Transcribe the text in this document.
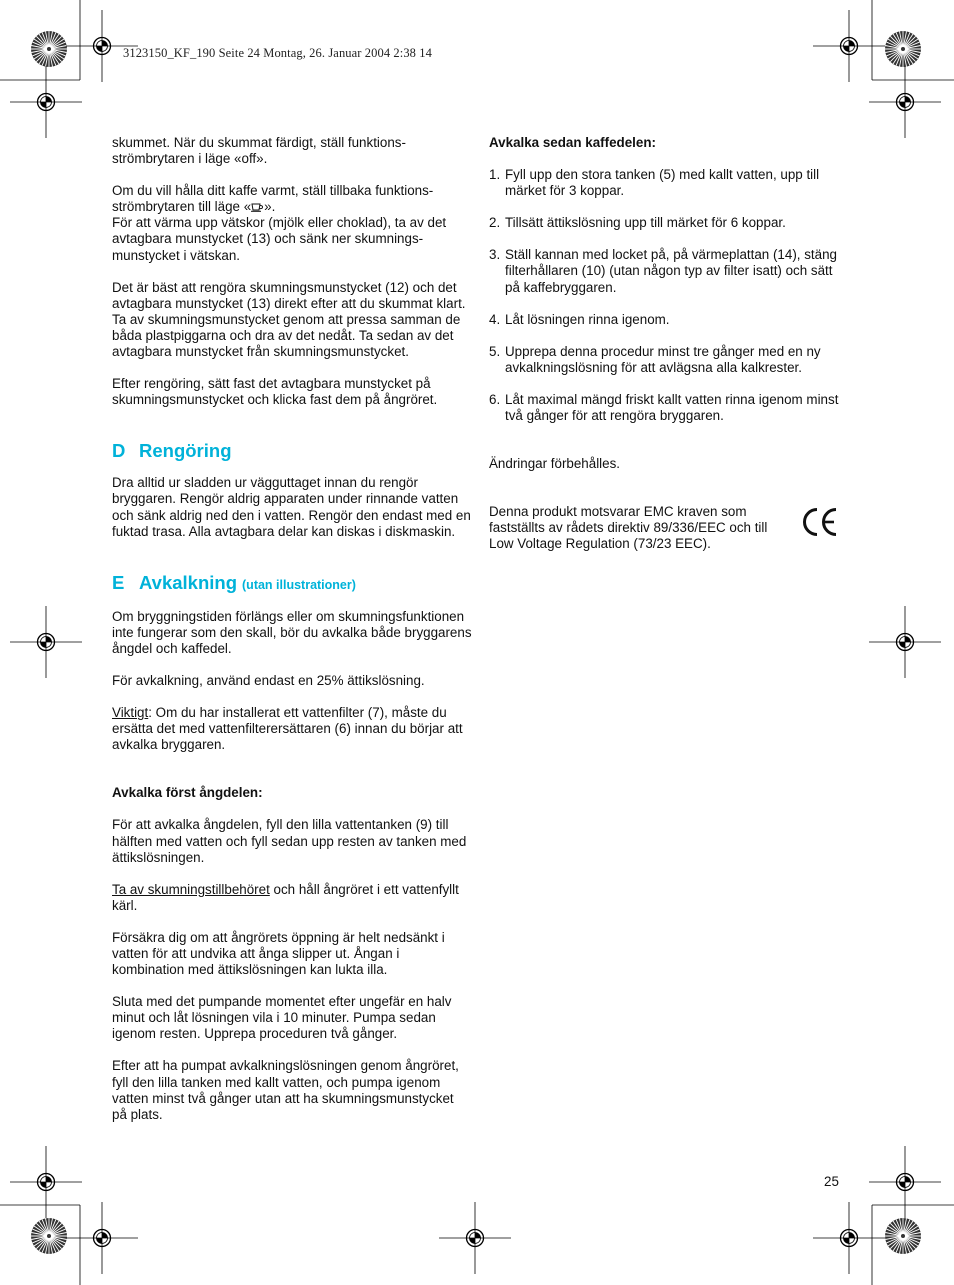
3123150_KF_190 Seite 24 Montag, 26. Januar 2004 2:38 14

skummet. När du skummat färdigt, ställ funktions-strömbrytaren i läge «off».

Om du vill hålla ditt kaffe varmt, ställ tillbaka funktions-strömbrytaren till läge « ».

För att värma upp vätskor (mjölk eller choklad), ta av det avtagbara munstycket (13) och sänk ner skumnings-munstycket i vätskan.

Det är bäst att rengöra skumningsmunstycket (12) och det avtagbara munstycket (13) direkt efter att du skummat klart. Ta av skumningsmunstycket genom att pressa samman de båda plastpiggarna och dra av det nedåt. Ta sedan av det avtagbara munstycket från skumningsmunstycket.

Efter rengöring, sätt fast det avtagbara munstycket på skumningsmunstycket och klicka fast dem på ångröret.

D Rengöring

Dra alltid ur sladden ur vägguttaget innan du rengör bryggaren. Rengör aldrig apparaten under rinnande vatten och sänk aldrig ned den i vatten. Rengör den endast med en fuktad trasa. Alla avtagbara delar kan diskas i diskmaskin.

E Avkalkning (utan illustrationer)

Om bryggningstiden förlängs eller om skumningsfunktionen inte fungerar som den skall, bör du avkalka både bryggarens ångdel och kaffedel.

För avkalkning, använd endast en 25% ättikslösning.

Viktigt: Om du har installerat ett vattenfilter (7), måste du ersätta det med vattenfilterersättaren (6) innan du börjar att avkalka bryggaren.

Avkalka först ångdelen:

För att avkalka ångdelen, fyll den lilla vattentanken (9) till hälften med vatten och fyll sedan upp resten av tanken med ättikslösningen.

Ta av skumningstillbehöret och håll ångröret i ett vattenfyllt kärl.

Försäkra dig om att ångrörets öppning är helt nedsänkt i vatten för att undvika att ånga slipper ut. Ångan i kombination med ättikslösningen kan lukta illa.

Sluta med det pumpande momentet efter ungefär en halv minut och låt lösningen vila i 10 minuter. Pumpa sedan igenom resten. Upprepa proceduren två gånger.

Efter att ha pumpat avkalkningslösningen genom ångröret, fyll den lilla tanken med kallt vatten, och pumpa igenom vatten minst två gånger utan att ha skumningsmunstycket på plats.

Avkalka sedan kaffedelen:

1. Fyll upp den stora tanken (5) med kallt vatten, upp till märket för 3 koppar.
2. Tillsätt ättikslösning upp till märket för 6 koppar.
3. Ställ kannan med locket på, på värmeplattan (14), stäng filterhållaren (10) (utan någon typ av filter isatt) och sätt på kaffebryggaren.
4. Låt lösningen rinna igenom.
5. Upprepa denna procedur minst tre gånger med en ny avkalkningslösning för att avlägsna alla kalkrester.
6. Låt maximal mängd friskt kallt vatten rinna igenom minst två gånger för att rengöra bryggaren.

Ändringar förbehålles.

Denna produkt motsvarar EMC kraven som fastställts av rådets direktiv 89/336/EEC och till Low Voltage Regulation (73/23 EEC).
25
